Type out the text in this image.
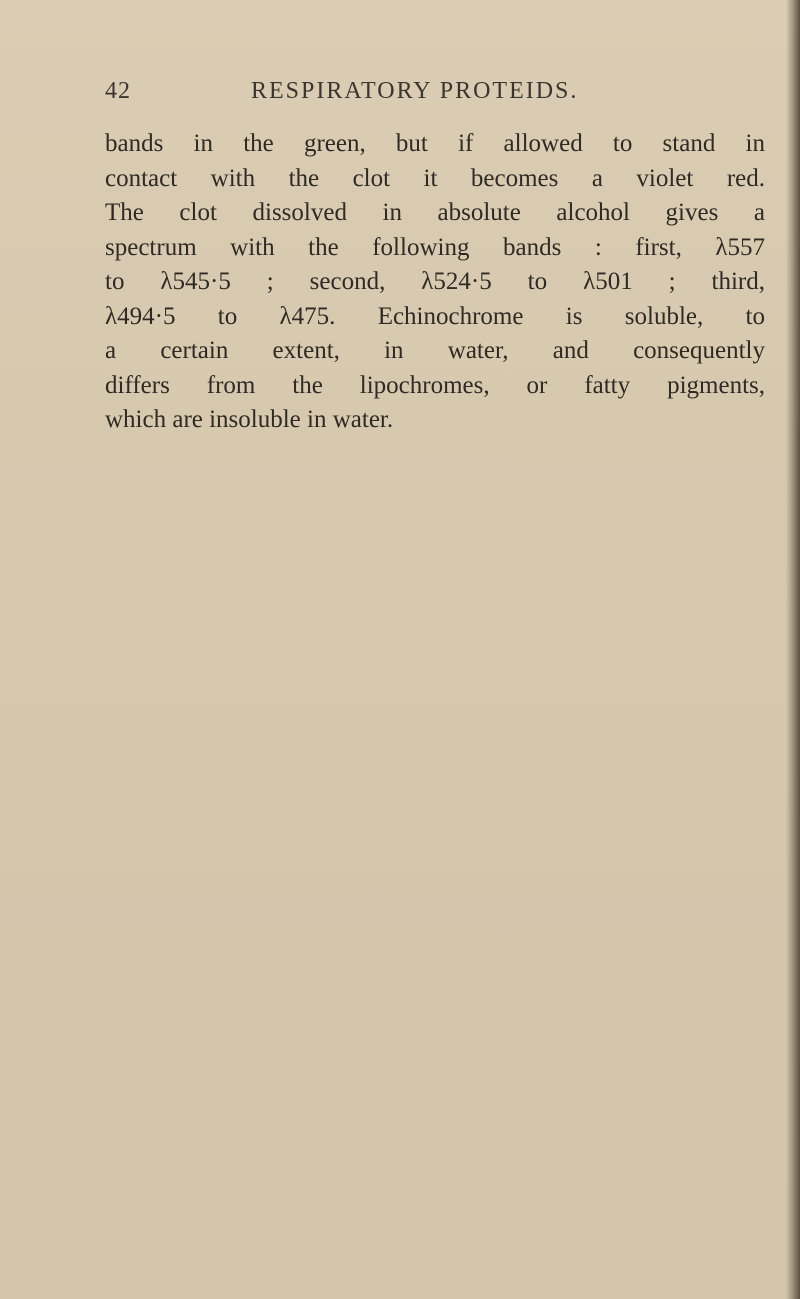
42	RESPIRATORY PROTEIDS.
bands in the green, but if allowed to stand in
contact with the clot it becomes a violet red.
The clot dissolved in absolute alcohol gives a
spectrum with the following bands : first, λ557
to λ545·5 ; second, λ524·5 to λ501 ; third,
λ494·5 to λ475. Echinochrome is soluble, to
a certain extent, in water, and consequently
differs from the lipochromes, or fatty pigments,
which are insoluble in water.
